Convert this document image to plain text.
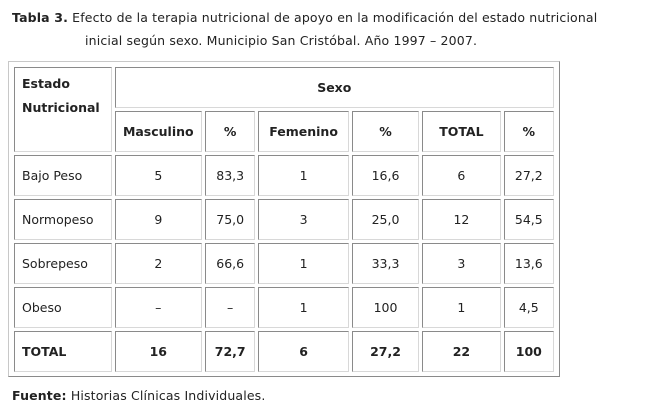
Tabla 3. Efecto de la terapia nutricional de apoyo en la modificación del estado nutricional
inicial según sexo. Municipio San Cristóbal. Año 1997 – 2007.
Estado
Nutricional	Sexo					
	Masculino	%	Femenino	%	TOTAL	%
Bajo Peso	5	83,3	1	16,6	6	27,2
Normopeso	9	75,0	3	25,0	12	54,5
Sobrepeso	2	66,6	1	33,3	3	13,6
Obeso	–	–	1	100	1	4,5
TOTAL	16	72,7	6	27,2	22	100
Fuente: Historias Clínicas Individuales.
